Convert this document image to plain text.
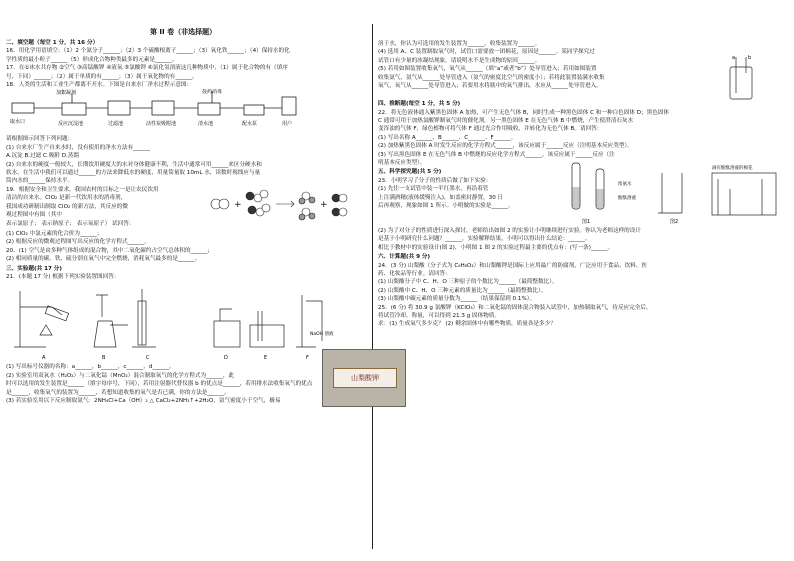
第 II 卷（非选择题）
二、填空题（每空 1 分，共 16 分）
16．用化学用语填空：（1）2 个氮分子______；（2）3 个硫酸根离子______；（3）氧化铁______；（4）保持水的化
学性质的最小粒子______（5）形成化合物种类最多的元素是______。
17．在①冰水共存物 ②空气 ③高锰酸钾 ④液氧 ⑤氯酸钾 ⑥氯化氢溶液这几种物质中，（1）属于化合物的有（填序
号，下同）______；（2）属于单质的有______；（3）属于氧化物的有______。
18．人类的生活和工业生产都离不开水。下图是自来水厂净水过程示意图：
加絮凝剂	投药消毒
取水口	反应沉淀池	过滤池	活性炭吸附池	清水池	配水泵	用户
请根据图示回答下列问题：
(1) 自来水厂生产自来水时，没有使用的净水方法有______
A.沉淀 B.过滤 C.吸附 D.蒸馏
(2) 自来水的硬度一般较大，长期饮用硬度大的水对身体健康不利，生活中通常可用______来区分硬水和
软水，在生活中我们可以通过______的方法来降低水的硬度，用量筒量取 10mL 水，读数时视线应与量
筒内水的______保持水平。
19．根据安全和卫生要求，我国农村的目标之一是让农民饮用
清洁的自来水。ClO₂ 是新一代饮用水的消毒剂，
我国成功研制出制取 ClO₂ 的新方法，其反应的微
观过程图中有图（其中
表示氯原子； 表示钠原子； 表示氧原子） 试回答：
+	+
(1) ClO₂ 中氯元素的化合价为______；
(2) 根据反应的微观过程图写出反应的化学方程式______。
20．(1) 空气是由多种气体组成的混合物，其中二氧化碳约占空气总体积的______；
(2) 相同质量的碳、铁、硫分别在氧气中完全燃烧，消耗氧气最多的是______。
三、实验题(共 17 分)
21．(本题 17 分) 根据下列实验装置图回答：
NaOH 溶液
A	B	C	D	E	F
(1) 写出标号仪器的名称：a______，b______，c______，d______。
(2) 实验室用双氧水（H₂O₂）与二氧化锰（MnO₂）混合制取氧气的化学方程式为______，此
时可以选用的发生装置是______（填字母序号，下同），若用注射器代替仪器 b 的优点是______，若用排水法收集氧气的优点
是______，收集氧气的装置为______，若想知道收集的氧气是否已满，你的方法是______。
(3) 若实验室用以下反应制取氨气：2NH₄Cl+Ca（OH）₂ △ CaCl₂+2NH₃↑+2H₂O，氨气密度小于空气，极易
溶于水，你认为可选用的发生装置为______，收集装置为______。
(4) 选用 A、C 装置制取氧气时，试管口需要放一团棉花，原因是______。某同学探究过
试管口有少量的冰凝结现象，请说明水不是生成物的原因______。
(5) 若用如图装置收集氧气，氧气从______（填“a”或者“b”）处导管进入；若用如图装置
收集氨气，氨气从______处导管进入（氨气的密度比空气的密度小）；若将此装置装满水收集
氧气，氧气从______处导管进入；若要用水将瓶中的氧气排出，水应从______处导管进入。
a	b
四、推断题(每空 1 分，共 5 分)
22．将无色液体通入紫黑色固体 A 加热，可产生无色气体 B，同时生成一种黑色固体 C 和一种白色固体 D；黑色固体
C 通常可用于加热氯酸钾制氧气时的催化剂。另一黑色固体 E 在无色气体 B 中燃烧，产生使澄清石灰水
变浑浊的气体 F，绿色植物可将气体 F 通过光合作用吸收，并转化为无色气体 B。请回答：
(1) 写出名称 A______、B______、C______、F______。
(2) 加热紫黑色固体 A 时发生反应的化学方程式______，该反应属于______反应（注明基本反应类型）。
(3) 写出黑色固体 E 在无色气体 B 中燃烧的反应化学方程式______，该反应属于______反应（注
明基本反应类型）。
五、科学探究题(共 5 分)
23．小明学习了分子的性质后做了如下实验：
(1) 先往一支试管中装一半红墨水，再沿着管
上注满酒精(液体缓慢注入)，如盖密封静置，30 日
后再观察，现象如图 1 所示。小明做的实验是______。
图1	图2
浓氨水
酚酞溶液
滴有酚酞溶液的棉花
(2) 为了对分子的性质进行深入探讨，老师给出如图 2 的实验让小明继续进行实验。你认为老师这样的设计
是基于小明研究什么问题？______，实验解释结果，小明可以得出什么结论：______。
相比于教材中的实验设计(图 2)，小明图 1 图 2 的实验过程最主要的优点有：(写一条)______。
六、计算题(共 9 分)
24．(3 分) 山梨酸（分子式为 C₆H₈O₂）和山梨酸钾是国际上应用最广的防腐剂，广泛应用于食品、饮料、医
药、化妆品等行业。请回答：
(1) 山梨酸分子中 C、H、O 三种原子的个数比为______（最简整数比）。
(2) 山梨酸中 C、H、O 三种元素的质量比为______（最简整数比）。
(3) 山梨酸中碳元素的质量分数为______（结果保留到 0.1%）。
25．(6 分) 将 30.9 g 氯酸钾（KClO₃）和二氧化锰的固体混合物装入试管中，加热制取氧气，待反应完全后，
将试管冷却，称量，可以得到 21.3 g 固体物质。
求：(1) 生成氧气多少克？ (2) 剩余固体中有哪些物质，质量各是多少？
山梨酸钾
